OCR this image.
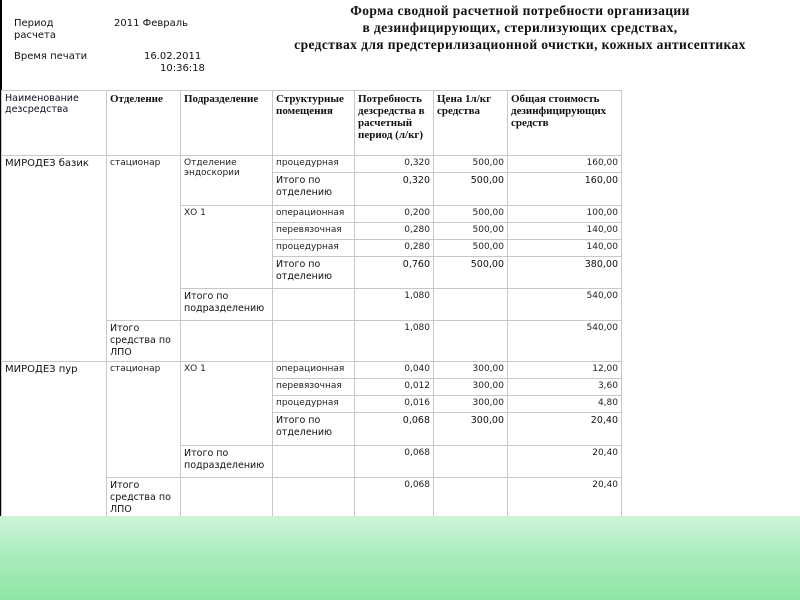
Период
расчета
2011 Февраль
Время печати	16.02.2011
10:36:18
Форма сводной расчетной потребности организации
в дезинфицирующих, стерилизующих средствах,
средствах для предстерилизационной очистки, кожных антисептиках
Наименование дезсредства	Отделение	Подразделение	Структурные помещения	Потребность дезсредства в расчетный период (л/кг)	Цена 1л/кг средства	Общая стоимость дезинфицирующих средств
МИРОДЕЗ базик	стационар	Отделение эндоскории	процедурная	0,320	500,00	160,00
			Итого по отделению	0,320	500,00	160,00
		ХО 1	операционная	0,200	500,00	100,00
			перевязочная	0,280	500,00	140,00
			процедурная	0,280	500,00	140,00
			Итого по отделению	0,760	500,00	380,00
		Итого по подразделению		1,080		540,00
	Итого средства по ЛПО			1,080		540,00
МИРОДЕЗ пур	стационар	ХО 1	операционная	0,040	300,00	12,00
			перевязочная	0,012	300,00	3,60
			процедурная	0,016	300,00	4,80
			Итого по отделению	0,068	300,00	20,40
		Итого по подразделению		0,068		20,40
	Итого средства по ЛПО			0,068		20,40
